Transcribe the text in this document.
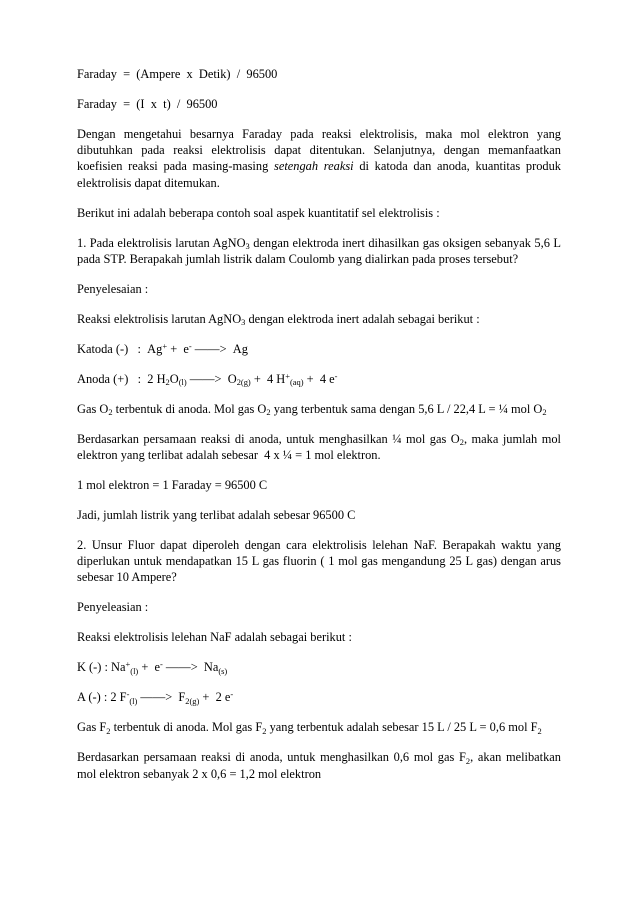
Faraday  =  (Ampere  x  Detik)  /  96500

Faraday  =  (I  x  t)  /  96500

Dengan mengetahui besarnya Faraday pada reaksi elektrolisis, maka mol elektron yang dibutuhkan pada reaksi elektrolisis dapat ditentukan. Selanjutnya, dengan memanfaatkan koefisien reaksi pada masing-masing setengah reaksi di katoda dan anoda, kuantitas produk elektrolisis dapat ditemukan.

Berikut ini adalah beberapa contoh soal aspek kuantitatif sel elektrolisis :

1. Pada elektrolisis larutan AgNO$_3$ dengan elektroda inert dihasilkan gas oksigen sebanyak 5,6 L pada STP. Berapakah jumlah listrik dalam Coulomb yang dialirkan pada proses tersebut?

Penyelesaian :

Reaksi elektrolisis larutan AgNO$_3$ dengan elektroda inert adalah sebagai berikut :

Katoda (-)   :  Ag+ +  e- ——>  Ag

Anoda (+)   :  2 $H_2O_{(l)}$ ——>  $O_{2(g)} + 4$ $H^+_{(aq)} + 4$ e-

Gas $O_2$ terbentuk di anoda. Mol gas $O_2$ yang terbentuk sama dengan 5,6 L / 22,4 L = ¼ mol $O_2$

Berdasarkan persamaan reaksi di anoda, untuk menghasilkan ¼ mol gas $O_2$, maka jumlah mol elektron yang terlibat adalah sebesar  4 x ¼ = 1 mol elektron.

1 mol elektron = 1 Faraday = 96500 C

Jadi, jumlah listrik yang terlibat adalah sebesar 96500 C

2. Unsur Fluor dapat diperoleh dengan cara elektrolisis lelehan NaF. Berapakah waktu yang diperlukan untuk mendapatkan 15 L gas fluorin ( 1 mol gas mengandung 25 L gas) dengan arus sebesar 10 Ampere?

Penyeleasian :

Reaksi elektrolisis lelehan NaF adalah sebagai berikut :

K (-) : $Na^+_{(l)} + e^-$ ——>  $Na_{(s)}$

A (-) : 2 $F^-_{(l)}$ ——>  $F_{2(g)} + 2$ e-

Gas $F_2$ terbentuk di anoda. Mol gas $F_2$ yang terbentuk adalah sebesar 15 L / 25 L = 0,6 mol $F_2$

Berdasarkan persamaan reaksi di anoda, untuk menghasilkan 0,6 mol gas $F_2$, akan melibatkan mol elektron sebanyak 2 x 0,6 = 1,2 mol elektron
